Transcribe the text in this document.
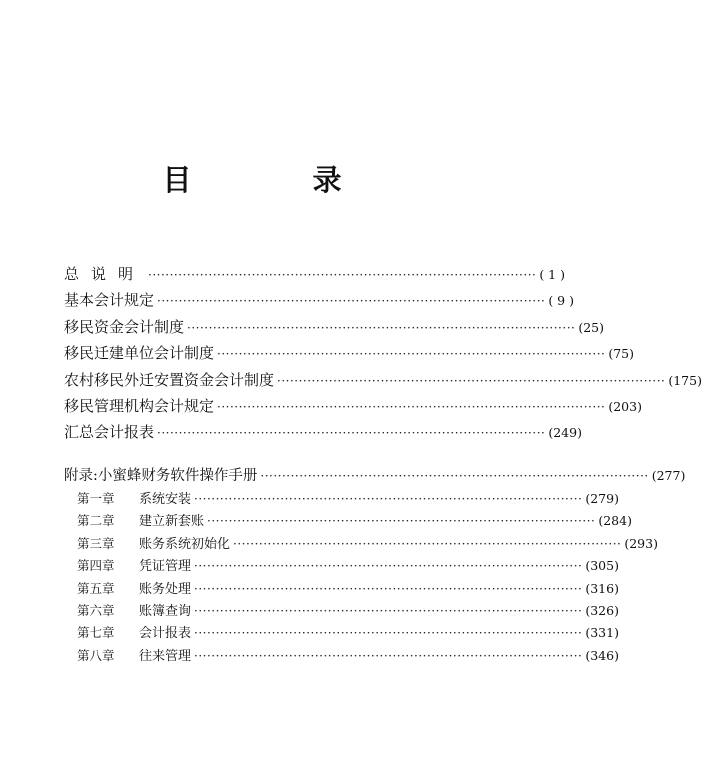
目　录
总说明 ·························································································· ( 1 )
基本会计规定 ·························································································· ( 9 )
移民资金会计制度 ·························································································· (25)
移民迁建单位会计制度 ·························································································· (75)
农村移民外迁安置资金会计制度 ·························································································· (175)
移民管理机构会计规定 ·························································································· (203)
汇总会计报表 ·························································································· (249)
附录:小蜜蜂财务软件操作手册 ·························································································· (277)
第一章	系统安装 ·························································································· (279)
第二章	建立新套账 ·························································································· (284)
第三章	账务系统初始化 ·························································································· (293)
第四章	凭证管理 ·························································································· (305)
第五章	账务处理 ·························································································· (316)
第六章	账簿查询 ·························································································· (326)
第七章	会计报表 ·························································································· (331)
第八章	往来管理 ·························································································· (346)
